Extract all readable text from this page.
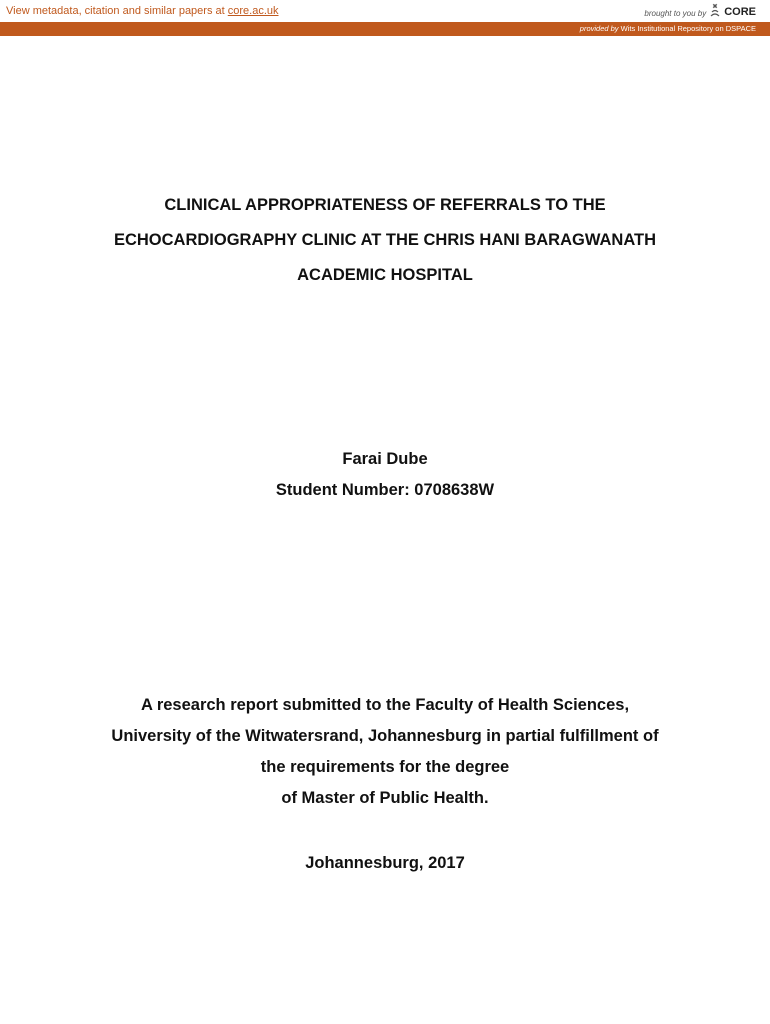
View metadata, citation and similar papers at core.ac.uk	brought to you by CORE
provided by Wits Institutional Repository on DSPACE
CLINICAL APPROPRIATENESS OF REFERRALS TO THE
ECHOCARDIOGRAPHY CLINIC AT THE CHRIS HANI BARAGWANATH
ACADEMIC HOSPITAL
Farai Dube
Student Number: 0708638W
A research report submitted to the Faculty of Health Sciences,
University of the Witwatersrand, Johannesburg in partial fulfillment of
the requirements for the degree
of Master of Public Health.
Johannesburg, 2017
